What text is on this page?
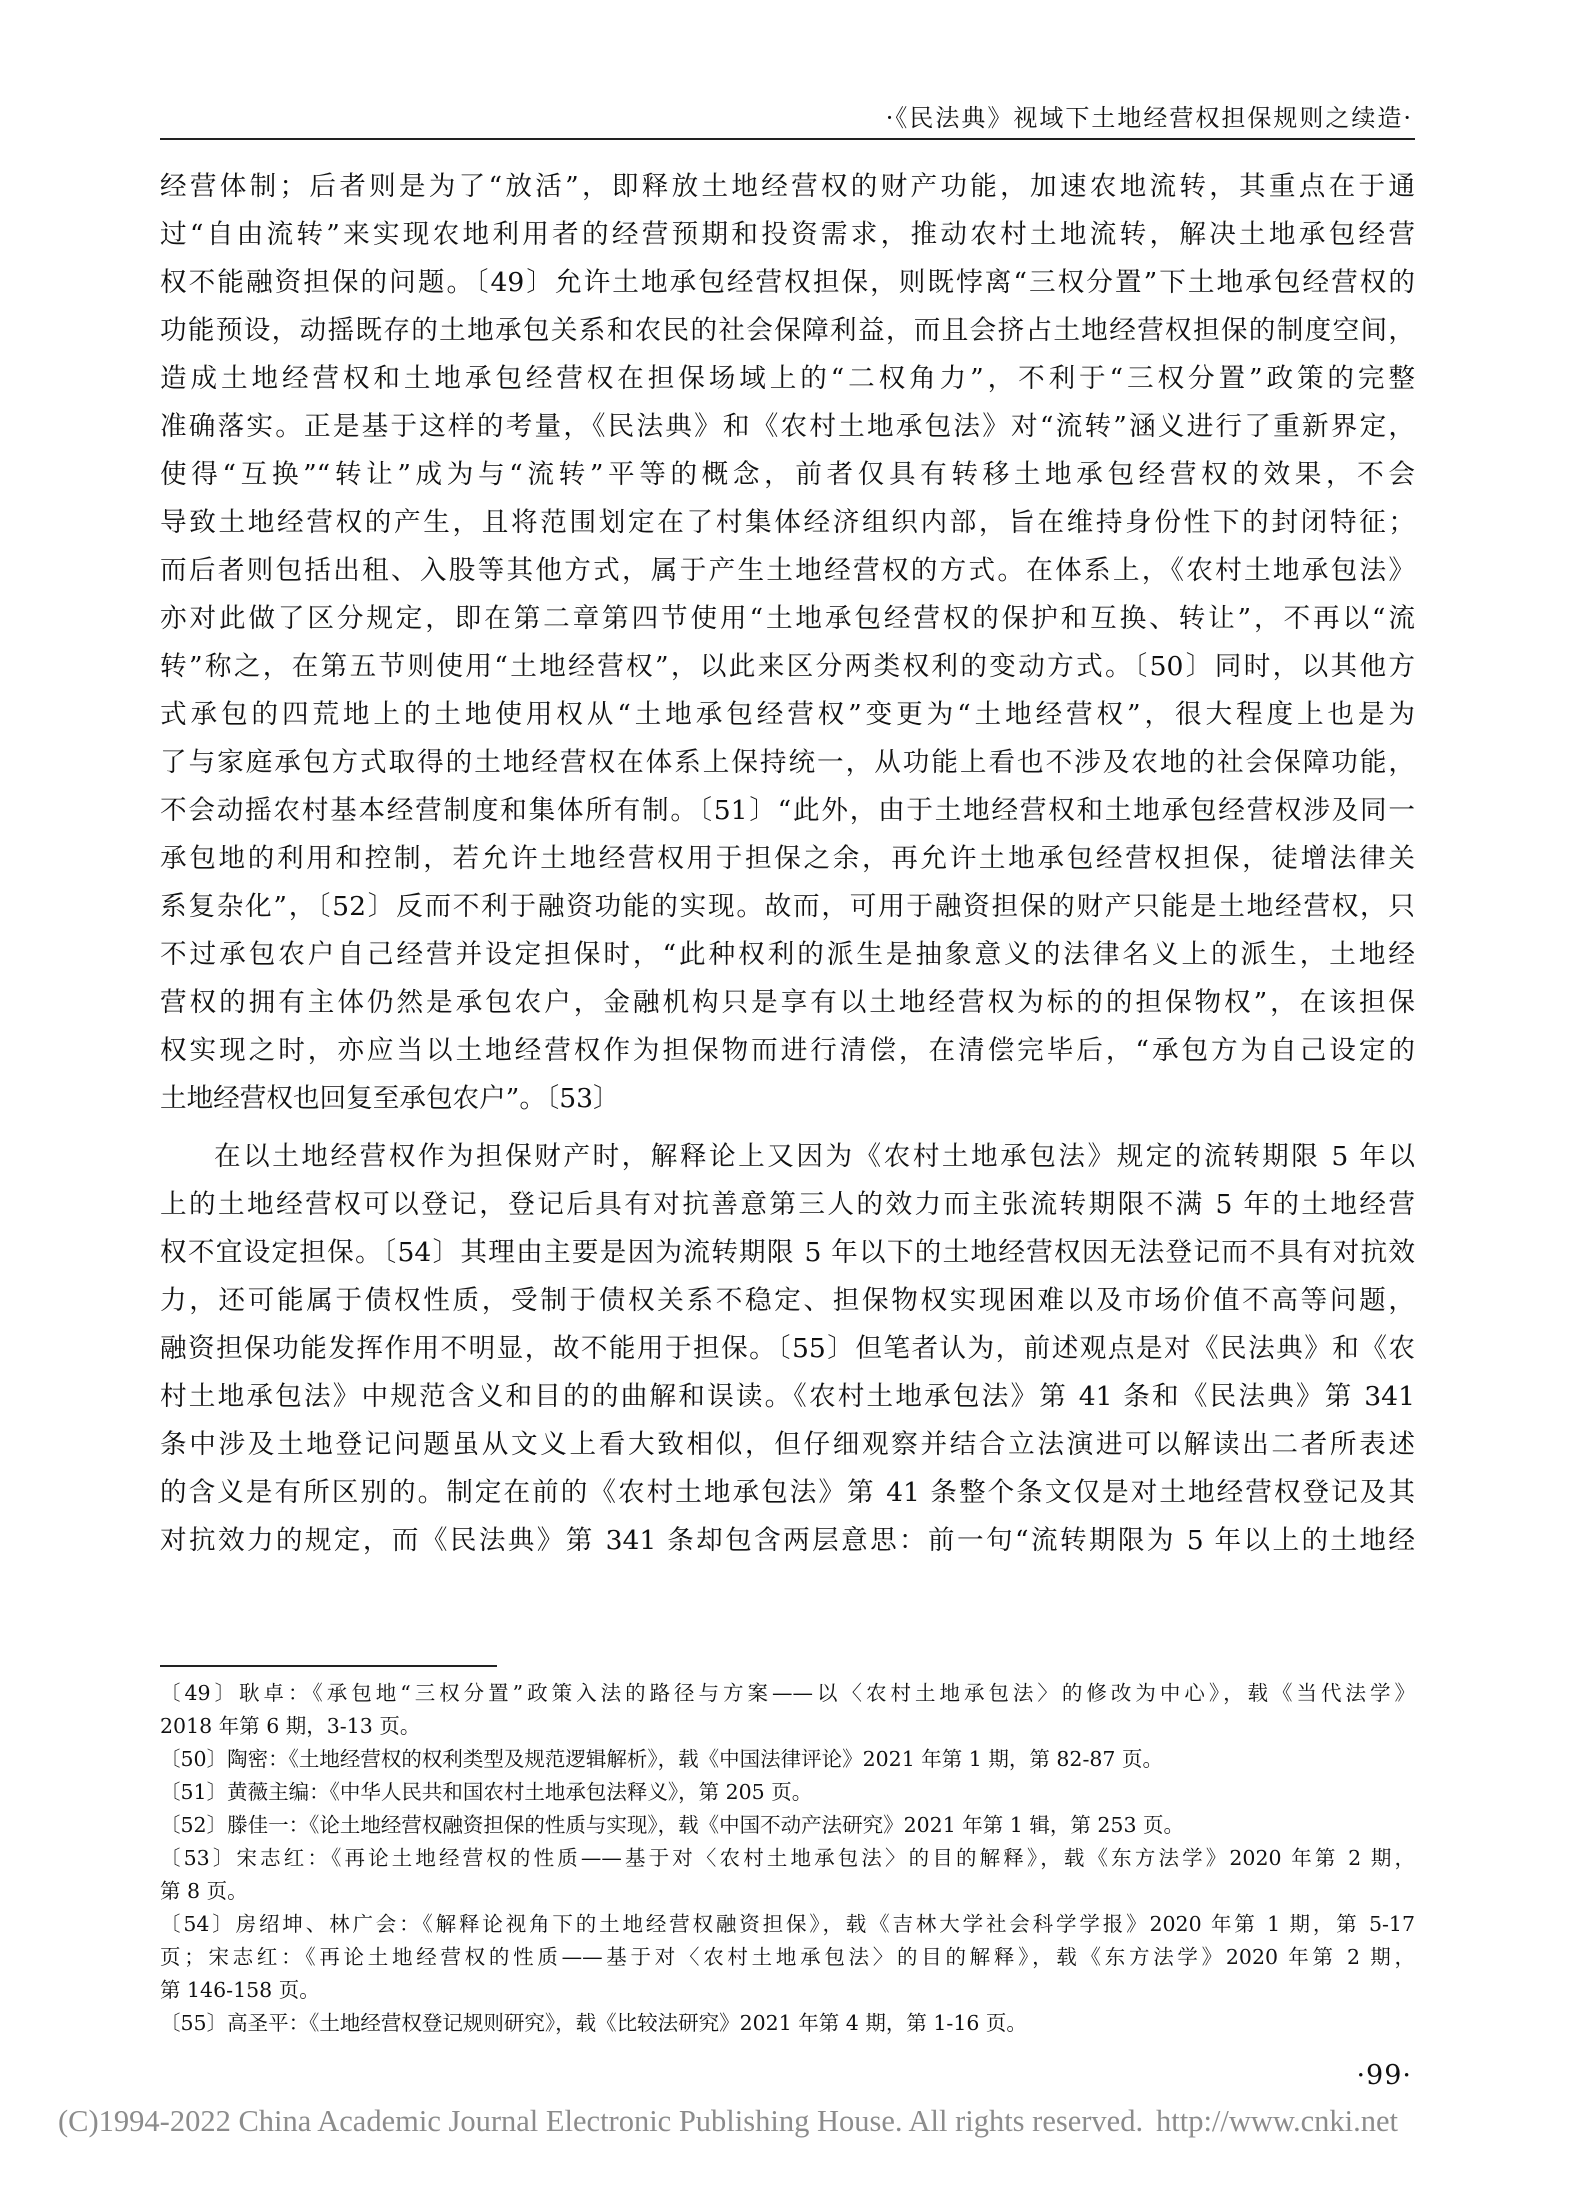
·《民法典》视域下土地经营权担保规则之续造·
经营体制；后者则是为了“放活”，即释放土地经营权的财产功能，加速农地流转，其重点在于通
过“自由流转”来实现农地利用者的经营预期和投资需求，推动农村土地流转，解决土地承包经营
权不能融资担保的问题。〔49〕允许土地承包经营权担保，则既悖离“三权分置”下土地承包经营权的
功能预设，动摇既存的土地承包关系和农民的社会保障利益，而且会挤占土地经营权担保的制度空间，
造成土地经营权和土地承包经营权在担保场域上的“二权角力”，不利于“三权分置”政策的完整
准确落实。正是基于这样的考量，《民法典》和《农村土地承包法》对“流转”涵义进行了重新界定，
使得“互换”“转让”成为与“流转”平等的概念，前者仅具有转移土地承包经营权的效果，不会
导致土地经营权的产生，且将范围划定在了村集体经济组织内部，旨在维持身份性下的封闭特征；
而后者则包括出租、入股等其他方式，属于产生土地经营权的方式。在体系上，《农村土地承包法》
亦对此做了区分规定，即在第二章第四节使用“土地承包经营权的保护和互换、转让”，不再以“流
转”称之，在第五节则使用“土地经营权”，以此来区分两类权利的变动方式。〔50〕同时，以其他方
式承包的四荒地上的土地使用权从“土地承包经营权”变更为“土地经营权”，很大程度上也是为
了与家庭承包方式取得的土地经营权在体系上保持统一，从功能上看也不涉及农地的社会保障功能，
不会动摇农村基本经营制度和集体所有制。〔51〕“此外，由于土地经营权和土地承包经营权涉及同一
承包地的利用和控制，若允许土地经营权用于担保之余，再允许土地承包经营权担保，徒增法律关
系复杂化”，〔52〕反而不利于融资功能的实现。故而，可用于融资担保的财产只能是土地经营权，只
不过承包农户自己经营并设定担保时，“此种权利的派生是抽象意义的法律名义上的派生，土地经
营权的拥有主体仍然是承包农户，金融机构只是享有以土地经营权为标的的担保物权”，在该担保
权实现之时，亦应当以土地经营权作为担保物而进行清偿，在清偿完毕后，“承包方为自己设定的
土地经营权也回复至承包农户”。〔53〕
在以土地经营权作为担保财产时，解释论上又因为《农村土地承包法》规定的流转期限 5 年以
上的土地经营权可以登记，登记后具有对抗善意第三人的效力而主张流转期限不满 5 年的土地经营
权不宜设定担保。〔54〕其理由主要是因为流转期限 5 年以下的土地经营权因无法登记而不具有对抗效
力，还可能属于债权性质，受制于债权关系不稳定、担保物权实现困难以及市场价值不高等问题，
融资担保功能发挥作用不明显，故不能用于担保。〔55〕但笔者认为，前述观点是对《民法典》和《农
村土地承包法》中规范含义和目的的曲解和误读。《农村土地承包法》第 41 条和《民法典》第 341
条中涉及土地登记问题虽从文义上看大致相似，但仔细观察并结合立法演进可以解读出二者所表述
的含义是有所区别的。制定在前的《农村土地承包法》第 41 条整个条文仅是对土地经营权登记及其
对抗效力的规定，而《民法典》第 341 条却包含两层意思：前一句“流转期限为 5 年以上的土地经
〔49〕耿卓：《承包地“三权分置”政策入法的路径与方案——以〈农村土地承包法〉的修改为中心》，载《当代法学》
2018 年第 6 期，3-13 页。
〔50〕陶密：《土地经营权的权利类型及规范逻辑解析》，载《中国法律评论》2021 年第 1 期，第 82-87 页。
〔51〕黄薇主编：《中华人民共和国农村土地承包法释义》，第 205 页。
〔52〕滕佳一：《论土地经营权融资担保的性质与实现》，载《中国不动产法研究》2021 年第 1 辑，第 253 页。
〔53〕宋志红：《再论土地经营权的性质——基于对〈农村土地承包法〉的目的解释》，载《东方法学》2020 年第 2 期，
第 8 页。
〔54〕房绍坤、林广会：《解释论视角下的土地经营权融资担保》，载《吉林大学社会科学学报》2020 年第 1 期，第 5-17
页；宋志红：《再论土地经营权的性质——基于对〈农村土地承包法〉的目的解释》，载《东方法学》2020 年第 2 期，
第 146-158 页。
〔55〕高圣平：《土地经营权登记规则研究》，载《比较法研究》2021 年第 4 期，第 1-16 页。
·99·
(C)1994-2022 China Academic Journal Electronic Publishing House. All rights reserved. http://www.cnki.net
